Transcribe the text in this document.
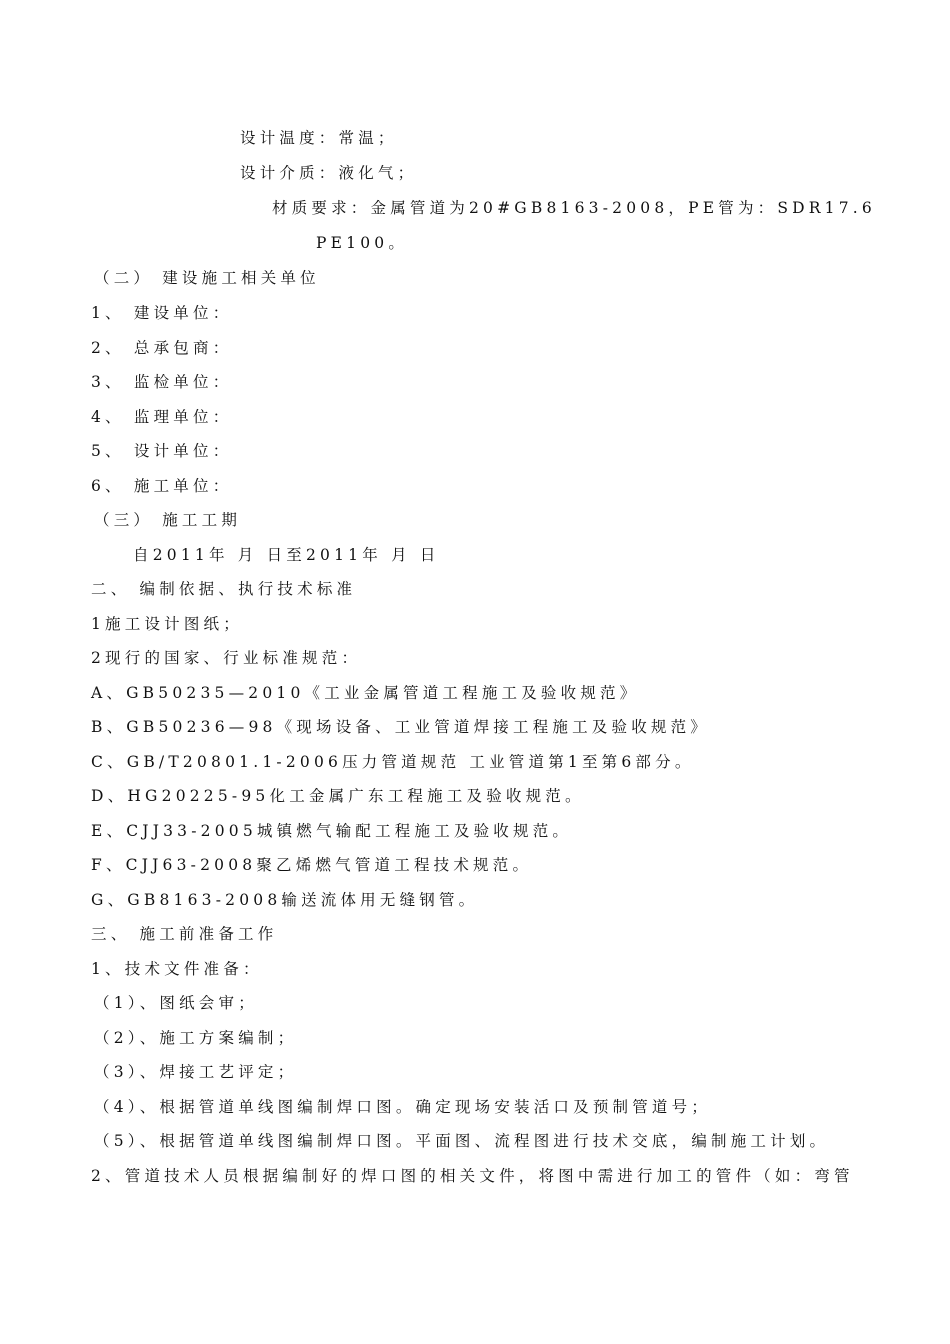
设计温度：常温；
设计介质：液化气；
材质要求：金属管道为20#GB8163-2008，PE管为：SDR17.6
PE100。
（二） 建设施工相关单位
1、 建设单位：
2、 总承包商：
3、 监检单位：
4、 监理单位：
5、 设计单位：
6、 施工单位：
（三） 施工工期
自2011年 月 日至2011年 月 日
二、 编制依据、执行技术标准
1施工设计图纸；
2现行的国家、行业标准规范：
A、GB50235—2010《工业金属管道工程施工及验收规范》
B、GB50236—98《现场设备、工业管道焊接工程施工及验收规范》
C、GB/T20801.1-2006压力管道规范 工业管道第1至第6部分。
D、HG20225-95化工金属广东工程施工及验收规范。
E、CJJ33-2005城镇燃气输配工程施工及验收规范。
F、CJJ63-2008聚乙烯燃气管道工程技术规范。
G、GB8163-2008输送流体用无缝钢管。
三、 施工前准备工作
1、技术文件准备：
（1）、图纸会审；
（2）、施工方案编制；
（3）、焊接工艺评定；
（4）、根据管道单线图编制焊口图。确定现场安装活口及预制管道号；
（5）、根据管道单线图编制焊口图。平面图、流程图进行技术交底，编制施工计划。
2、管道技术人员根据编制好的焊口图的相关文件，将图中需进行加工的管件（如：弯管
